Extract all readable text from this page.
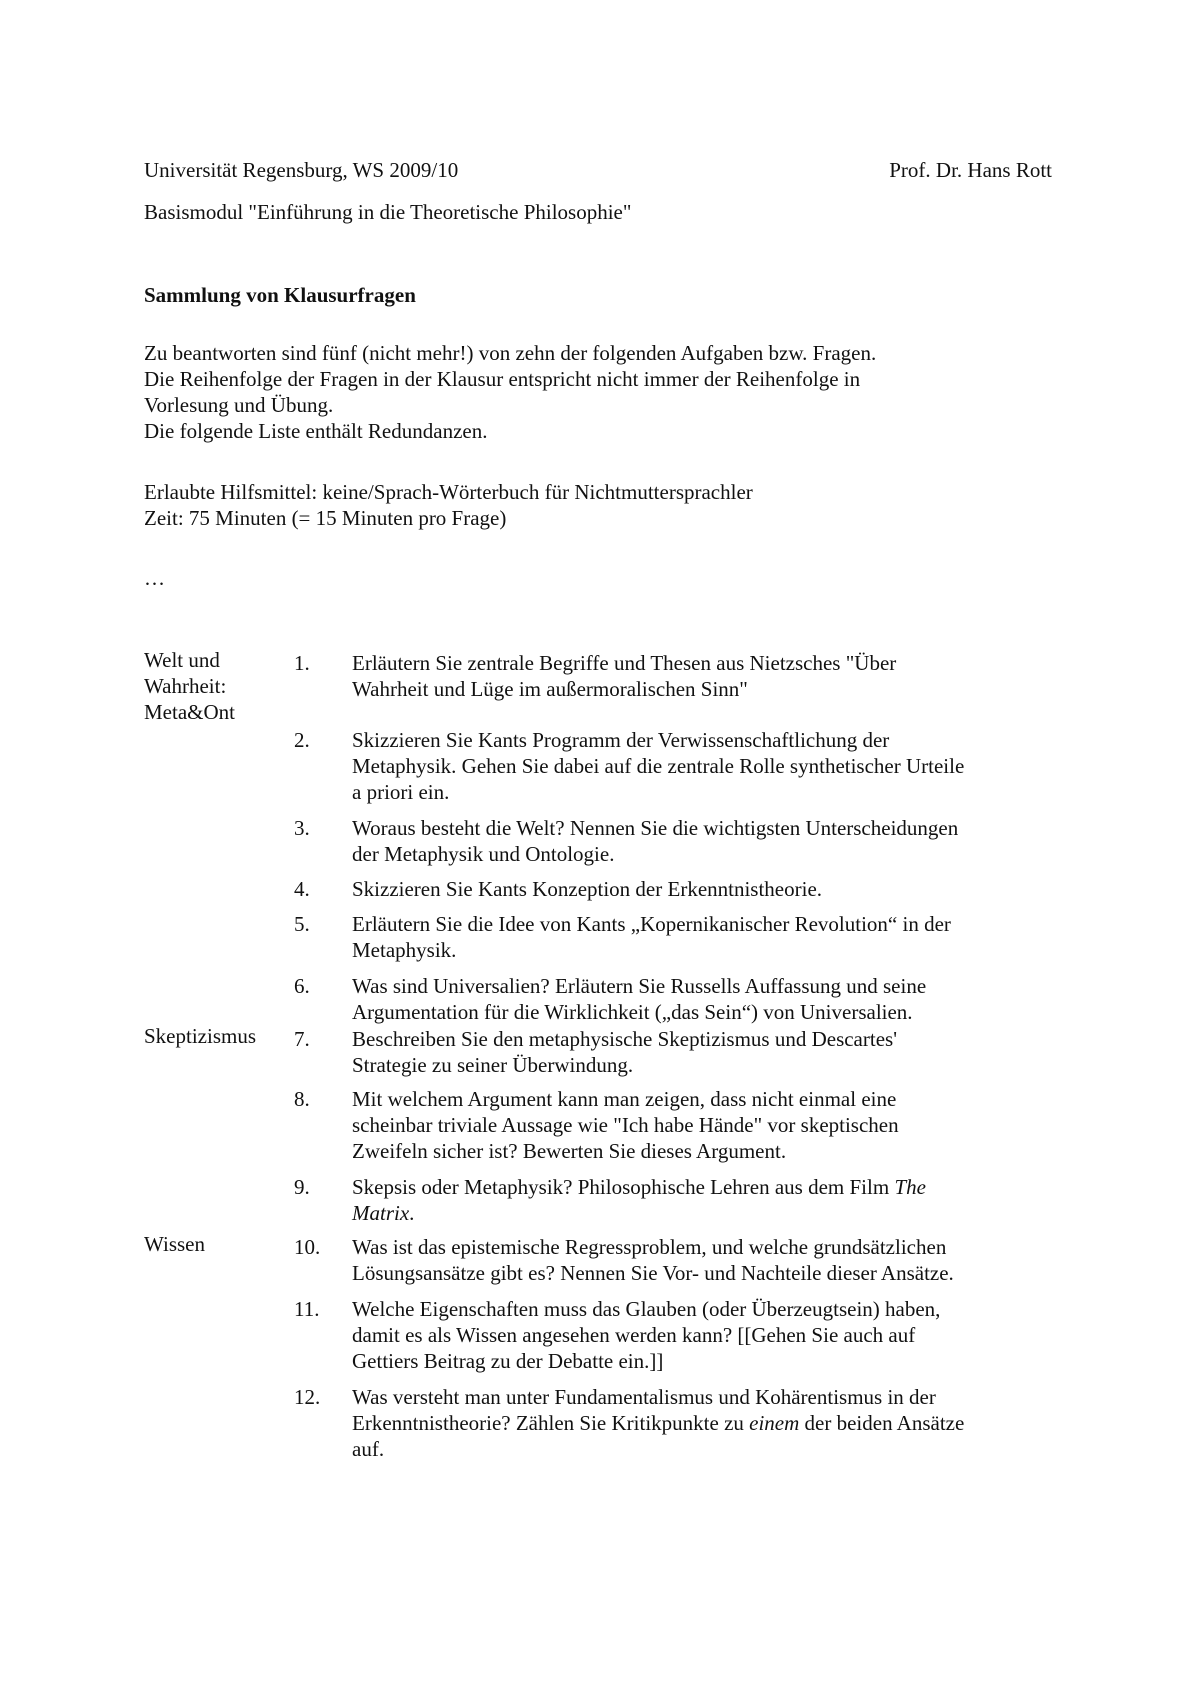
Universität Regensburg, WS 2009/10	Prof. Dr. Hans Rott
Basismodul "Einführung in die Theoretische Philosophie"
Sammlung von Klausurfragen

Zu beantworten sind fünf (nicht mehr!) von zehn der folgenden Aufgaben bzw. Fragen.

Die Reihenfolge der Fragen in der Klausur entspricht nicht immer der Reihenfolge in

Vorlesung und Übung.

Die folgende Liste enthält Redundanzen.

Erlaubte Hilfsmittel: keine/Sprach-Wörterbuch für Nichtmuttersprachler

Zeit: 75 Minuten (= 15 Minuten pro Frage)

…
Welt und
Wahrheit:
Meta&Ont
1.	Erläutern Sie zentrale Begriffe und Thesen aus Nietzsches "Über
Wahrheit und Lüge im außermoralischen Sinn"
2.	Skizzieren Sie Kants Programm der Verwissenschaftlichung der
Metaphysik. Gehen Sie dabei auf die zentrale Rolle synthetischer Urteile
a priori ein.
3.	Woraus besteht die Welt? Nennen Sie die wichtigsten Unterscheidungen
der Metaphysik und Ontologie.
4.	Skizzieren Sie Kants Konzeption der Erkenntnistheorie.
5.	Erläutern Sie die Idee von Kants „Kopernikanischer Revolution“ in der
Metaphysik.
6.	Was sind Universalien? Erläutern Sie Russells Auffassung und seine
Argumentation für die Wirklichkeit („das Sein“) von Universalien.
Skeptizismus	7.	Beschreiben Sie den metaphysische Skeptizismus und Descartes'
Strategie zu seiner Überwindung.
8.	Mit welchem Argument kann man zeigen, dass nicht einmal eine
scheinbar triviale Aussage wie "Ich habe Hände" vor skeptischen
Zweifeln sicher ist? Bewerten Sie dieses Argument.
9.	Skepsis oder Metaphysik? Philosophische Lehren aus dem Film The
Matrix.
Wissen	10.	Was ist das epistemische Regressproblem, und welche grundsätzlichen
Lösungsansätze gibt es? Nennen Sie Vor- und Nachteile dieser Ansätze.
11.	Welche Eigenschaften muss das Glauben (oder Überzeugtsein) haben,
damit es als Wissen angesehen werden kann? [[Gehen Sie auch auf
Gettiers Beitrag zu der Debatte ein.]]
12.	Was versteht man unter Fundamentalismus und Kohärentismus in der
Erkenntnistheorie? Zählen Sie Kritikpunkte zu einem der beiden Ansätze
auf.
